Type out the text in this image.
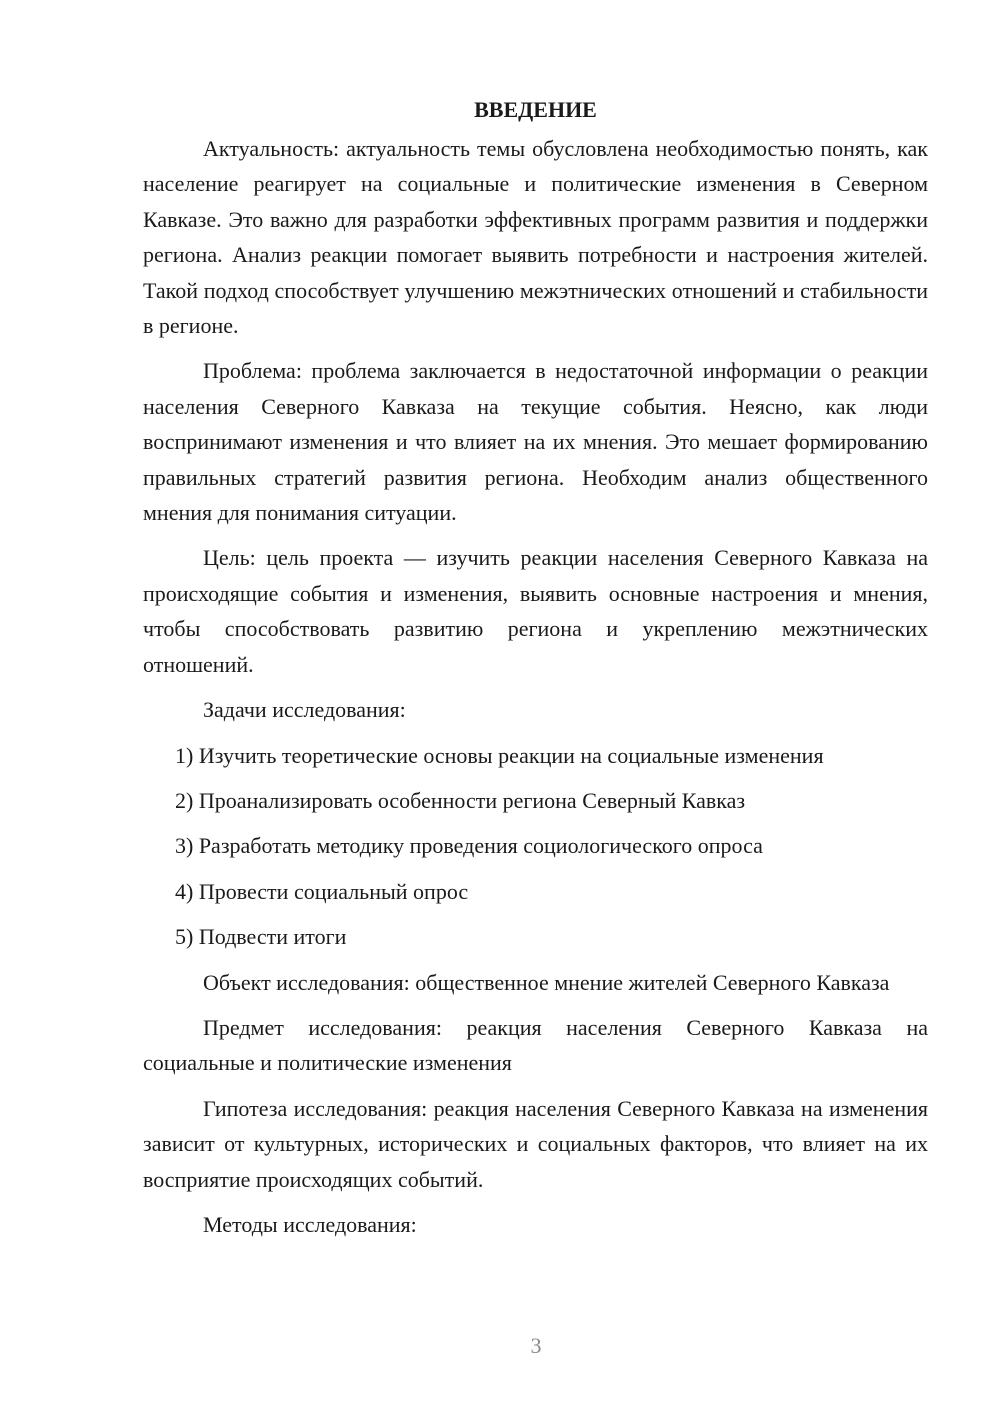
ВВЕДЕНИЕ

Актуальность: актуальность темы обусловлена необходимостью понять, как население реагирует на социальные и политические изменения в Северном Кавказе. Это важно для разработки эффективных программ развития и поддержки региона. Анализ реакции помогает выявить потребности и настроения жителей. Такой подход способствует улучшению межэтнических отношений и стабильности в регионе.

Проблема: проблема заключается в недостаточной информации о реакции населения Северного Кавказа на текущие события. Неясно, как люди воспринимают изменения и что влияет на их мнения. Это мешает формированию правильных стратегий развития региона. Необходим анализ общественного мнения для понимания ситуации.

Цель: цель проекта — изучить реакции населения Северного Кавказа на происходящие события и изменения, выявить основные настроения и мнения, чтобы способствовать развитию региона и укреплению межэтнических отношений.

Задачи исследования:

1) Изучить теоретические основы реакции на социальные изменения
2) Проанализировать особенности региона Северный Кавказ
3) Разработать методику проведения социологического опроса
4) Провести социальный опрос
5) Подвести итоги

Объект исследования: общественное мнение жителей Северного Кавказа

Предмет исследования: реакция населения Северного Кавказа на социальные и политические изменения

Гипотеза исследования: реакция населения Северного Кавказа на изменения зависит от культурных, исторических и социальных факторов, что влияет на их восприятие происходящих событий.

Методы исследования:

3
